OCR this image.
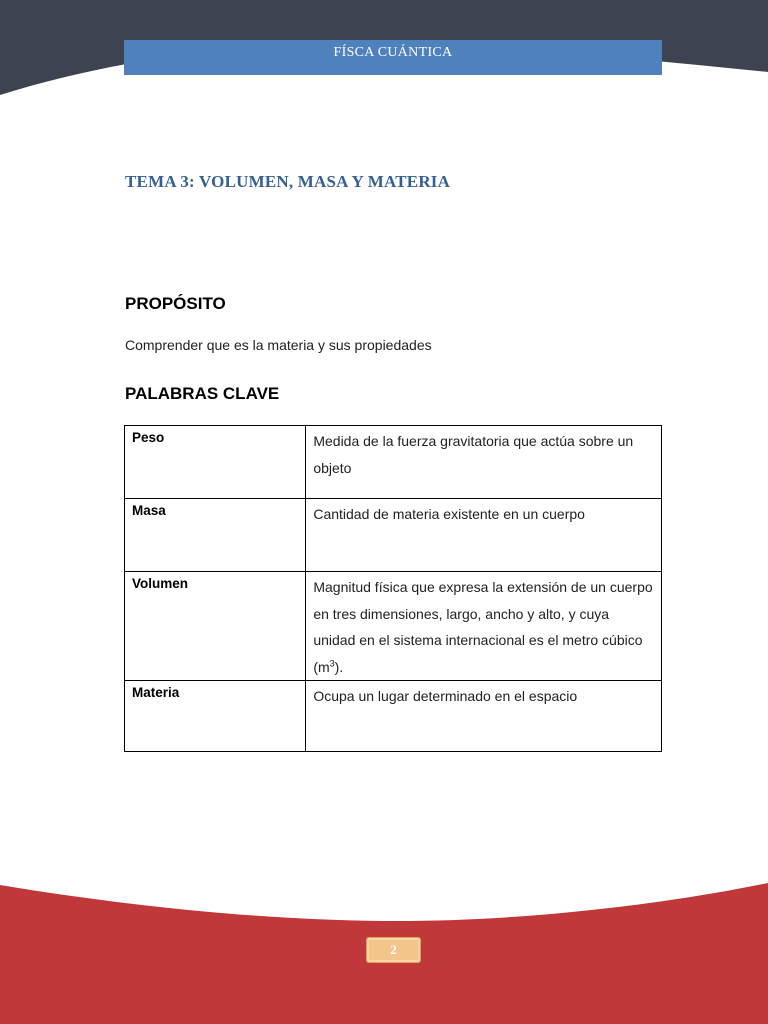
FÍSCA CUÁNTICA
TEMA 3: VOLUMEN, MASA Y MATERIA
PROPÓSITO
Comprender que es la materia y sus propiedades
PALABRAS CLAVE
Peso	Medida de la fuerza gravitatoria que actúa sobre un objeto
Masa	Cantidad de materia existente en un cuerpo
Volumen	Magnitud física que expresa la extensión de un cuerpo en tres dimensiones, largo, ancho y alto, y cuya unidad en el sistema internacional es el metro cúbico $(m^3)$.
Materia	Ocupa un lugar determinado en el espacio
2
